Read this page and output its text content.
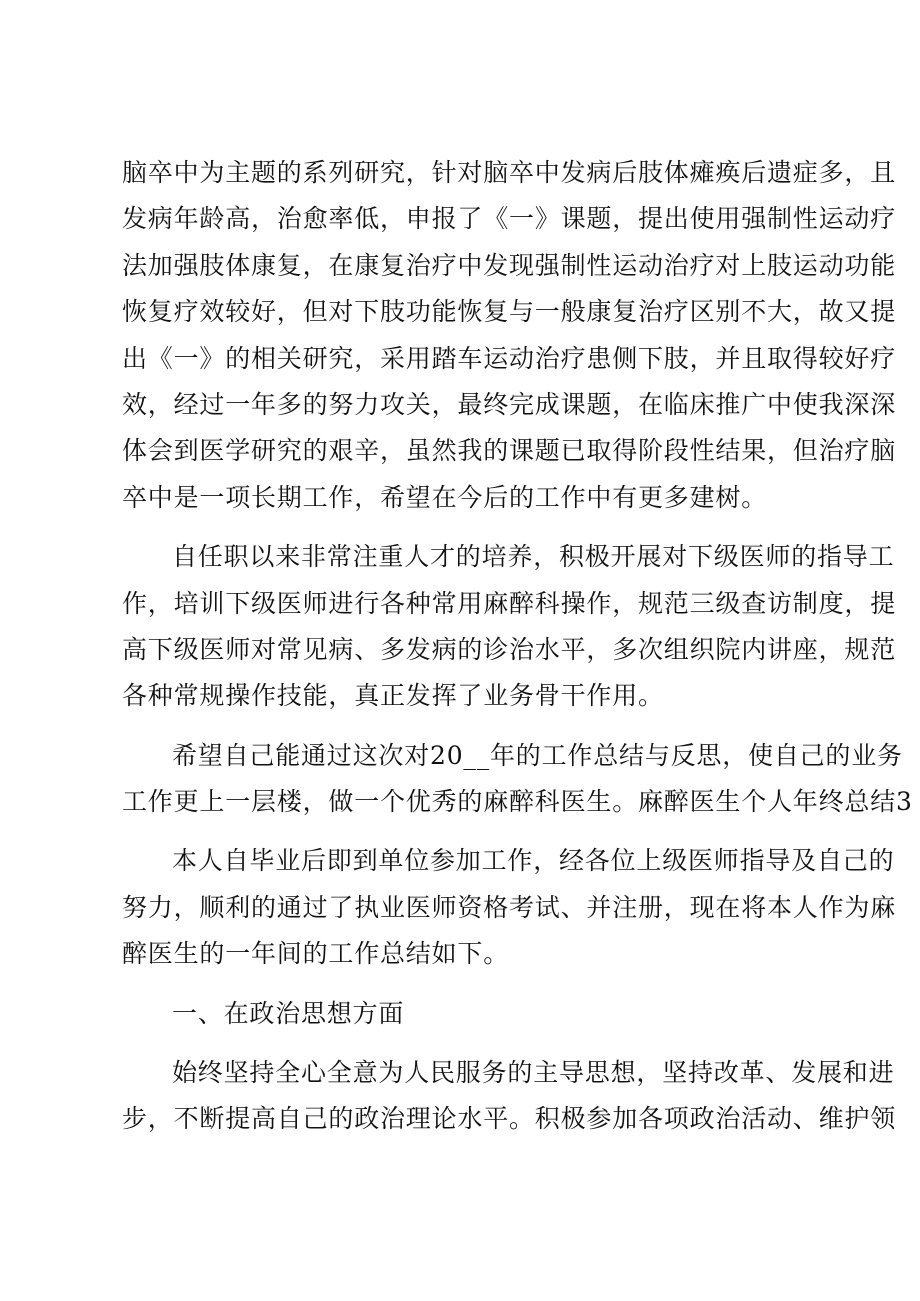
脑卒中为主题的系列研究，针对脑卒中发病后肢体瘫痪后遗症多，且
发病年龄高，治愈率低，申报了《一》课题，提出使用强制性运动疗
法加强肢体康复，在康复治疗中发现强制性运动治疗对上肢运动功能
恢复疗效较好，但对下肢功能恢复与一般康复治疗区别不大，故又提
出《一》的相关研究，采用踏车运动治疗患侧下肢，并且取得较好疗
效，经过一年多的努力攻关，最终完成课题，在临床推广中使我深深
体会到医学研究的艰辛，虽然我的课题已取得阶段性结果，但治疗脑
卒中是一项长期工作，希望在今后的工作中有更多建树。
自任职以来非常注重人才的培养，积极开展对下级医师的指导工
作，培训下级医师进行各种常用麻醉科操作，规范三级查访制度，提
高下级医师对常见病、多发病的诊治水平，多次组织院内讲座，规范
各种常规操作技能，真正发挥了业务骨干作用。
希望自己能通过这次对20__年的工作总结与反思，使自己的业务
工作更上一层楼，做一个优秀的麻醉科医生。麻醉医生个人年终总结3
本人自毕业后即到单位参加工作，经各位上级医师指导及自己的
努力，顺利的通过了执业医师资格考试、并注册，现在将本人作为麻
醉医生的一年间的工作总结如下。
一、在政治思想方面
始终坚持全心全意为人民服务的主导思想，坚持改革、发展和进
步，不断提高自己的政治理论水平。积极参加各项政治活动、维护领
